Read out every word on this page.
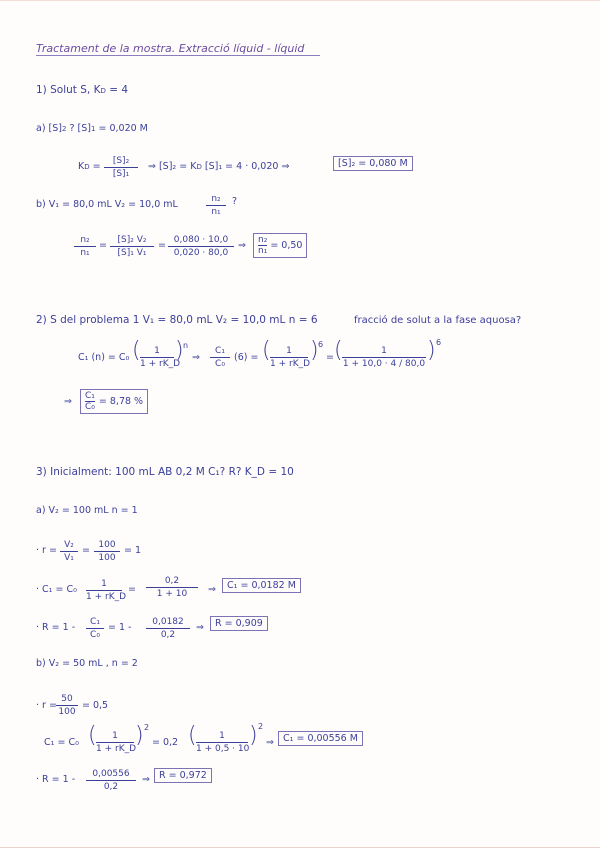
Tractament de la mostra. Extracció líquid - líquid
1) Solut S, KD = 4
a) [S]2 ? [S]1 = 0,020 M
KD = $\frac{\text{[S]₂}}{\text{[S]₁}}$ ⇒ [S]₂ = KD [S]₁ = 4 · 0,020 ⇒	[S]₂ = 0,080 M
b) V₁ = 80,0 mL V₂ = 10,0 mL	$\frac{\text{n₂}}{\text{n₁}}$ ?
$\frac{\text{n₂}}{\text{n₁}} = \frac{\text{[S]₂ V₂}}{\text{[S]₁ V₁}} = \frac{0,080 \cdot 10,0}{0,020 \cdot 80,0}$ ⇒ $\frac{\text{n₂}}{\text{n₁}} = 0,50$
2) S del problema 1 V₁ = 80,0 mL V₂ = 10,0 mL n = 6	fracció de solut a la fase aquosa?
C₁ (n) = C₀ ( $\frac{1}{1 + rK\_D}$ ) n
⇒ $\frac{\text{C₁}}{\text{C₀}} (6)$ = ( $\frac{1}{1 + rK\_D}$ ) 6
= ( $\frac{1}{1 + 10,0 \cdot 4 / 80,0}$ ) 6
⇒ $\frac{\text{C₁}}{\text{C₀}} = 8,78$ %
3) Inicialment: 100 mL AB 0,2 M C₁? R? K_D = 10
a) V₂ = 100 mL n = 1
· $r = \frac{\text{V₂}}{\text{V₁}} = \frac{100}{100} = 1$
· $C_1 = C_0 \frac{1}{1 + rK\_D} = \frac{0,2}{1 + 10}$ ⇒	C₁ = 0,0182 M
· $R = 1 - \frac{\text{C₁}}{\text{C₀}} = 1 - \frac{0,0182}{0,2}$ ⇒	R = 0,909
b) V₂ = 50 mL , n = 2
· $r = \frac{50}{100} = 0,5$
C₁ = C₀ ( $\frac{1}{1 + rK\_D}$ ) 2
= 0,2 ( $\frac{1}{1 + 0,5 \cdot 10}$ ) 2
⇒ C₁ = 0,00556 M
· $R = 1 - \frac{0,00556}{0,2}$ ⇒ R = 0,972
